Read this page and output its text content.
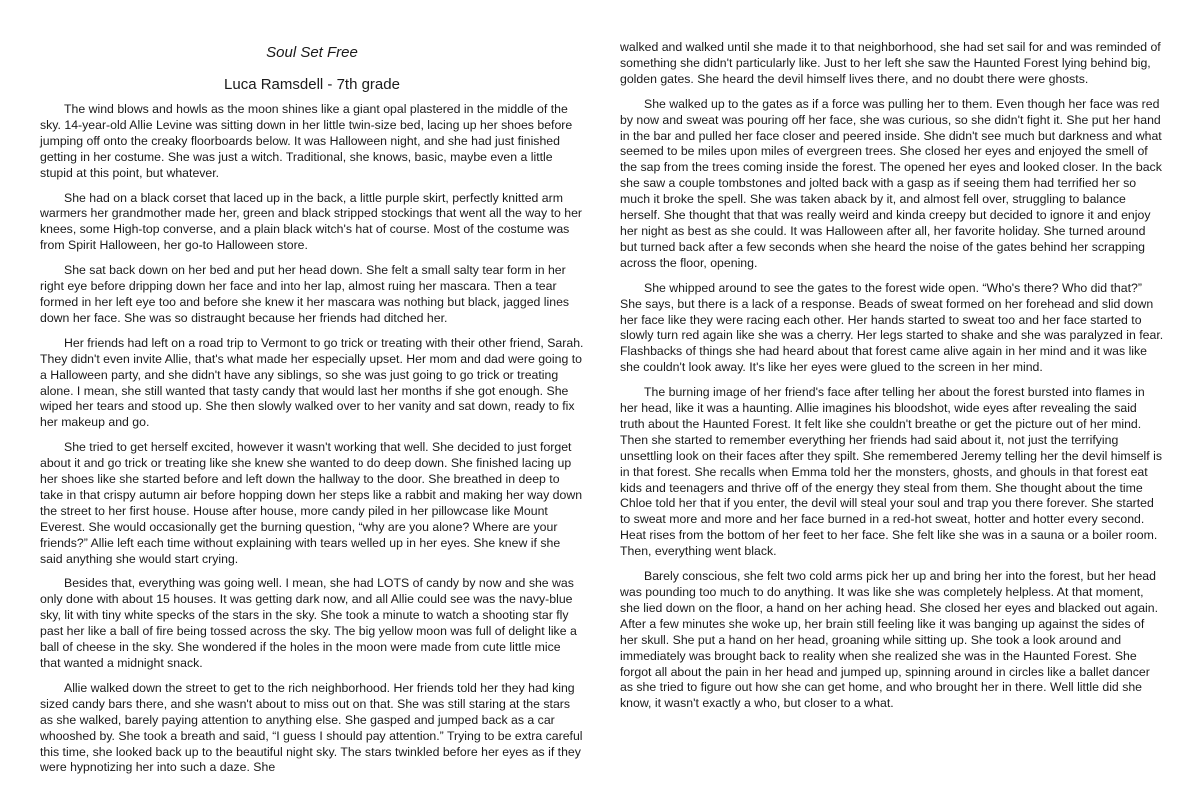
Soul Set Free
Luca Ramsdell - 7th grade

The wind blows and howls as the moon shines like a giant opal plastered in the middle of the sky. 14-year-old Allie Levine was sitting down in her little twin-size bed, lacing up her shoes before jumping off onto the creaky floorboards below. It was Halloween night, and she had just finished getting in her costume. She was just a witch. Traditional, she knows, basic, maybe even a little stupid at this point, but whatever.

She had on a black corset that laced up in the back, a little purple skirt, perfectly knitted arm warmers her grandmother made her, green and black stripped stockings that went all the way to her knees, some High-top converse, and a plain black witch's hat of course. Most of the costume was from Spirit Halloween, her go-to Halloween store.

She sat back down on her bed and put her head down. She felt a small salty tear form in her right eye before dripping down her face and into her lap, almost ruing her mascara. Then a tear formed in her left eye too and before she knew it her mascara was nothing but black, jagged lines down her face. She was so distraught because her friends had ditched her.

Her friends had left on a road trip to Vermont to go trick or treating with their other friend, Sarah. They didn't even invite Allie, that's what made her especially upset. Her mom and dad were going to a Halloween party, and she didn't have any siblings, so she was just going to go trick or treating alone. I mean, she still wanted that tasty candy that would last her months if she got enough. She wiped her tears and stood up. She then slowly walked over to her vanity and sat down, ready to fix her makeup and go.

She tried to get herself excited, however it wasn't working that well. She decided to just forget about it and go trick or treating like she knew she wanted to do deep down. She finished lacing up her shoes like she started before and left down the hallway to the door. She breathed in deep to take in that crispy autumn air before hopping down her steps like a rabbit and making her way down the street to her first house. House after house, more candy piled in her pillowcase like Mount Everest. She would occasionally get the burning question, “why are you alone? Where are your friends?” Allie left each time without explaining with tears welled up in her eyes. She knew if she said anything she would start crying.

Besides that, everything was going well. I mean, she had LOTS of candy by now and she was only done with about 15 houses. It was getting dark now, and all Allie could see was the navy-blue sky, lit with tiny white specks of the stars in the sky. She took a minute to watch a shooting star fly past her like a ball of fire being tossed across the sky. The big yellow moon was full of delight like a ball of cheese in the sky. She wondered if the holes in the moon were made from cute little mice that wanted a midnight snack.

Allie walked down the street to get to the rich neighborhood. Her friends told her they had king sized candy bars there, and she wasn't about to miss out on that. She was still staring at the stars as she walked, barely paying attention to anything else. She gasped and jumped back as a car whooshed by. She took a breath and said, “I guess I should pay attention.” Trying to be extra careful this time, she looked back up to the beautiful night sky. The stars twinkled before her eyes as if they were hypnotizing her into such a daze. She

walked and walked until she made it to that neighborhood, she had set sail for and was reminded of something she didn't particularly like. Just to her left she saw the Haunted Forest lying behind big, golden gates. She heard the devil himself lives there, and no doubt there were ghosts.

She walked up to the gates as if a force was pulling her to them. Even though her face was red by now and sweat was pouring off her face, she was curious, so she didn't fight it. She put her hand in the bar and pulled her face closer and peered inside. She didn't see much but darkness and what seemed to be miles upon miles of evergreen trees. She closed her eyes and enjoyed the smell of the sap from the trees coming inside the forest. The opened her eyes and looked closer. In the back she saw a couple tombstones and jolted back with a gasp as if seeing them had terrified her so much it broke the spell. She was taken aback by it, and almost fell over, struggling to balance herself. She thought that that was really weird and kinda creepy but decided to ignore it and enjoy her night as best as she could. It was Halloween after all, her favorite holiday. She turned around but turned back after a few seconds when she heard the noise of the gates behind her scrapping across the floor, opening.

She whipped around to see the gates to the forest wide open. “Who's there? Who did that?” She says, but there is a lack of a response. Beads of sweat formed on her forehead and slid down her face like they were racing each other. Her hands started to sweat too and her face started to slowly turn red again like she was a cherry. Her legs started to shake and she was paralyzed in fear. Flashbacks of things she had heard about that forest came alive again in her mind and it was like she couldn't look away. It's like her eyes were glued to the screen in her mind.

The burning image of her friend's face after telling her about the forest bursted into flames in her head, like it was a haunting. Allie imagines his bloodshot, wide eyes after revealing the said truth about the Haunted Forest. It felt like she couldn't breathe or get the picture out of her mind. Then she started to remember everything her friends had said about it, not just the terrifying unsettling look on their faces after they spilt. She remembered Jeremy telling her the devil himself is in that forest. She recalls when Emma told her the monsters, ghosts, and ghouls in that forest eat kids and teenagers and thrive off of the energy they steal from them. She thought about the time Chloe told her that if you enter, the devil will steal your soul and trap you there forever. She started to sweat more and more and her face burned in a red-hot sweat, hotter and hotter every second. Heat rises from the bottom of her feet to her face. She felt like she was in a sauna or a boiler room. Then, everything went black.

Barely conscious, she felt two cold arms pick her up and bring her into the forest, but her head was pounding too much to do anything. It was like she was completely helpless. At that moment, she lied down on the floor, a hand on her aching head. She closed her eyes and blacked out again. After a few minutes she woke up, her brain still feeling like it was banging up against the sides of her skull. She put a hand on her head, groaning while sitting up. She took a look around and immediately was brought back to reality when she realized she was in the Haunted Forest. She forgot all about the pain in her head and jumped up, spinning around in circles like a ballet dancer as she tried to figure out how she can get home, and who brought her in there. Well little did she know, it wasn't exactly a who, but closer to a what.
